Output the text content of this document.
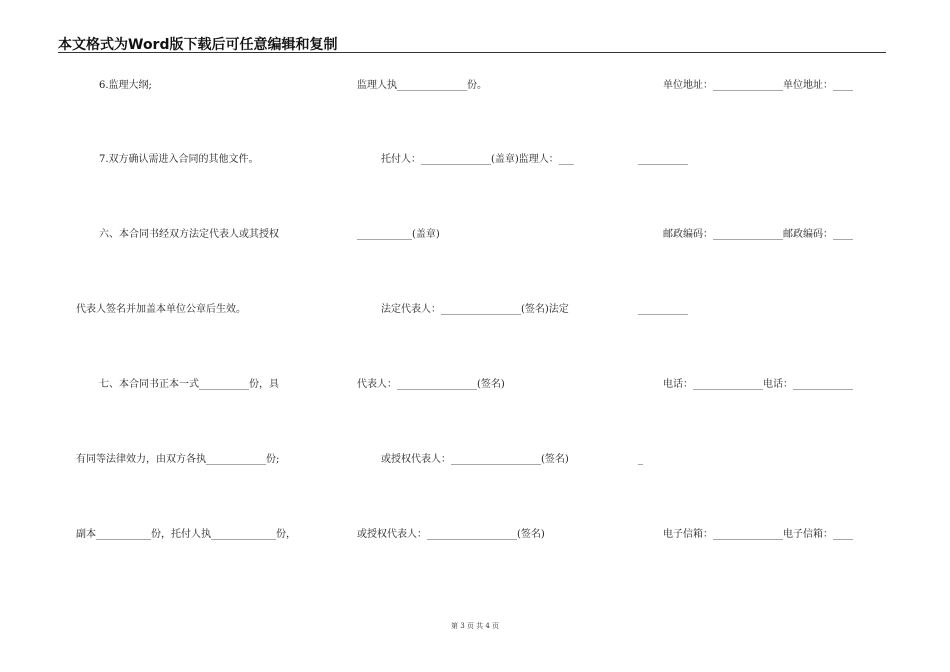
本文格式为Word版下载后可任意编辑和复制
6.监理大纲;
7.双方确认需进入合同的其他文件。
六、本合同书经双方法定代表人或其授权
代表人签名并加盖本单位公章后生效。
七、本合同书正本一式__________份，具
有同等法律效力，由双方各执____________份;
副本___________份，托付人执_____________份，
监理人执______________份。
托付人：______________(盖章)监理人：___
___________(盖章)
法定代表人：________________(签名)法定
代表人：________________(签名)
或授权代表人：__________________(签名)
或授权代表人：__________________(签名)
单位地址：______________单位地址：____
__________
邮政编码：______________邮政编码：____
__________
电话：______________电话：____________
_
电子信箱：______________电子信箱：____
第 3 页 共 4 页
